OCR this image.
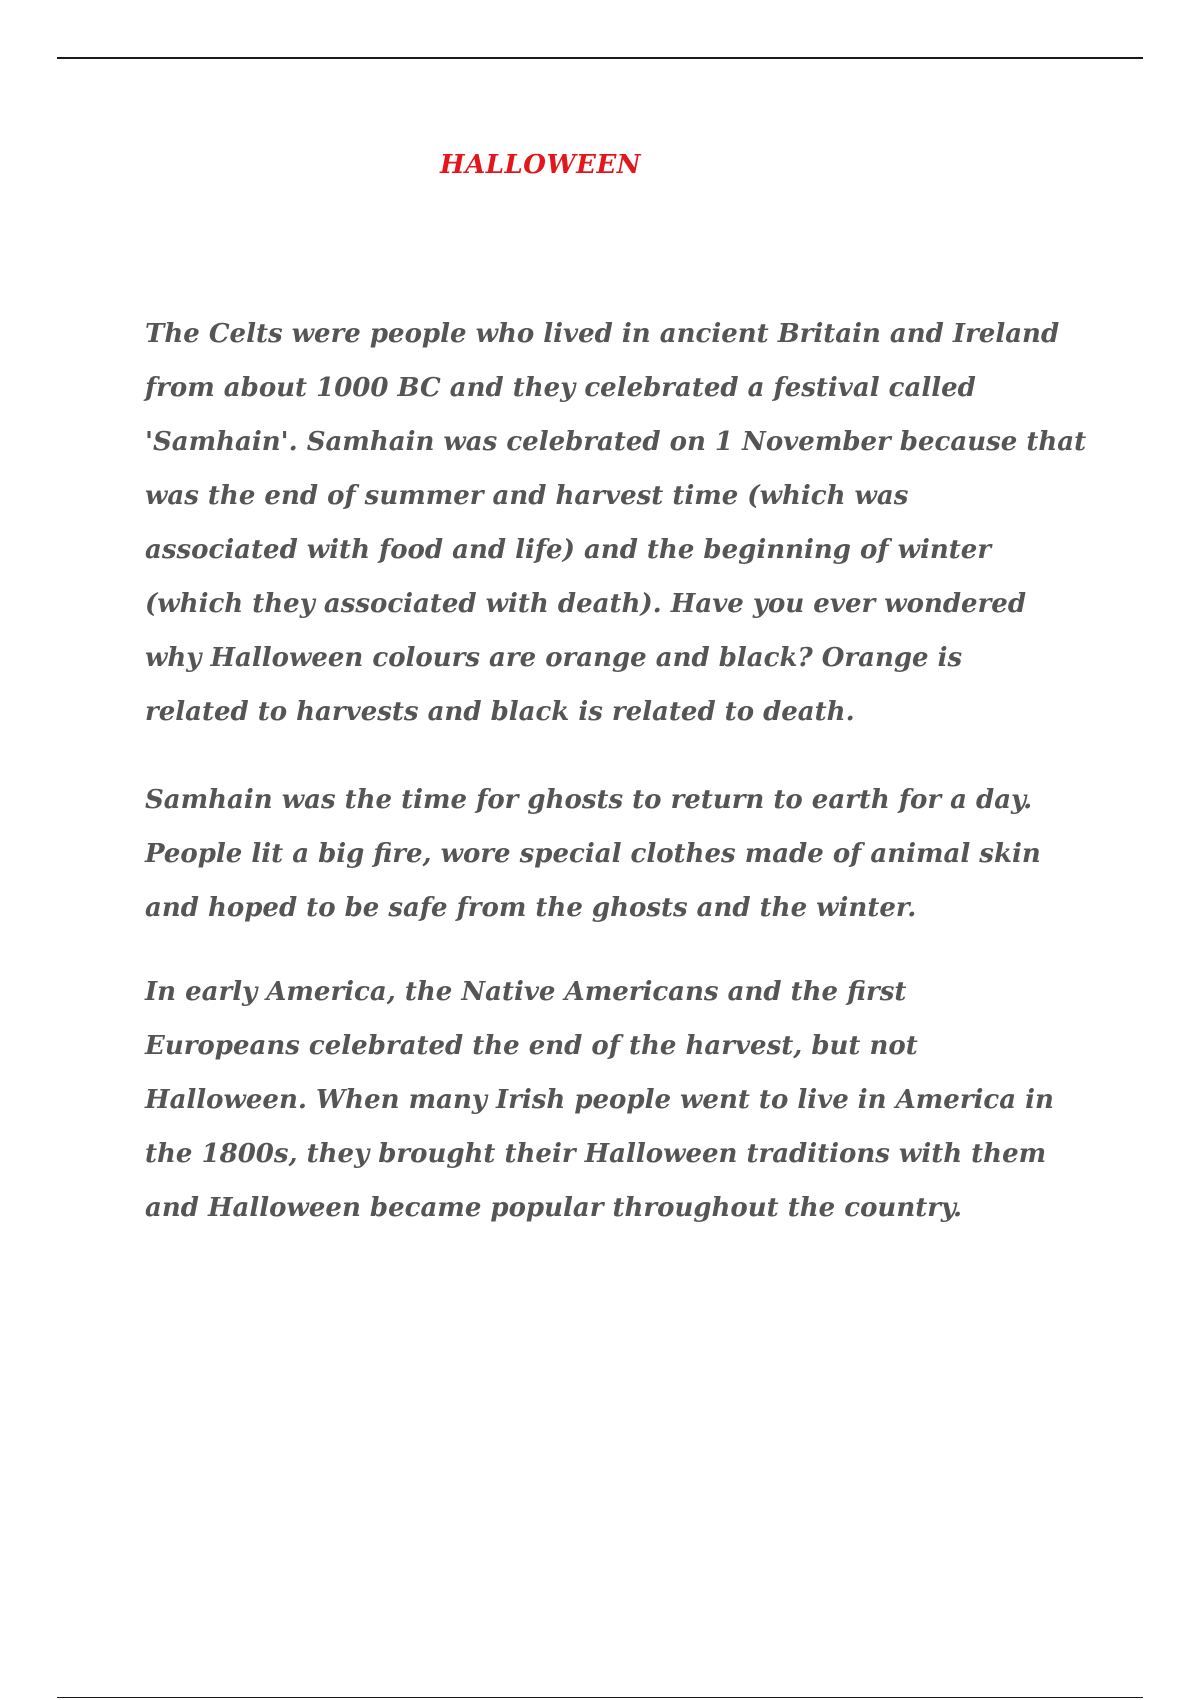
HALLOWEEN
The Celts were people who lived in ancient Britain and Ireland
from about 1000 BC and they celebrated a festival called
'Samhain'. Samhain was celebrated on 1 November because that
was the end of summer and harvest time (which was
associated with food and life) and the beginning of winter
(which they associated with death). Have you ever wondered
why Halloween colours are orange and black? Orange is
related to harvests and black is related to death.
Samhain was the time for ghosts to return to earth for a day.
People lit a big fire, wore special clothes made of animal skin
and hoped to be safe from the ghosts and the winter.
In early America, the Native Americans and the first
Europeans celebrated the end of the harvest, but not
Halloween. When many Irish people went to live in America in
the 1800s, they brought their Halloween traditions with them
and Halloween became popular throughout the country.
